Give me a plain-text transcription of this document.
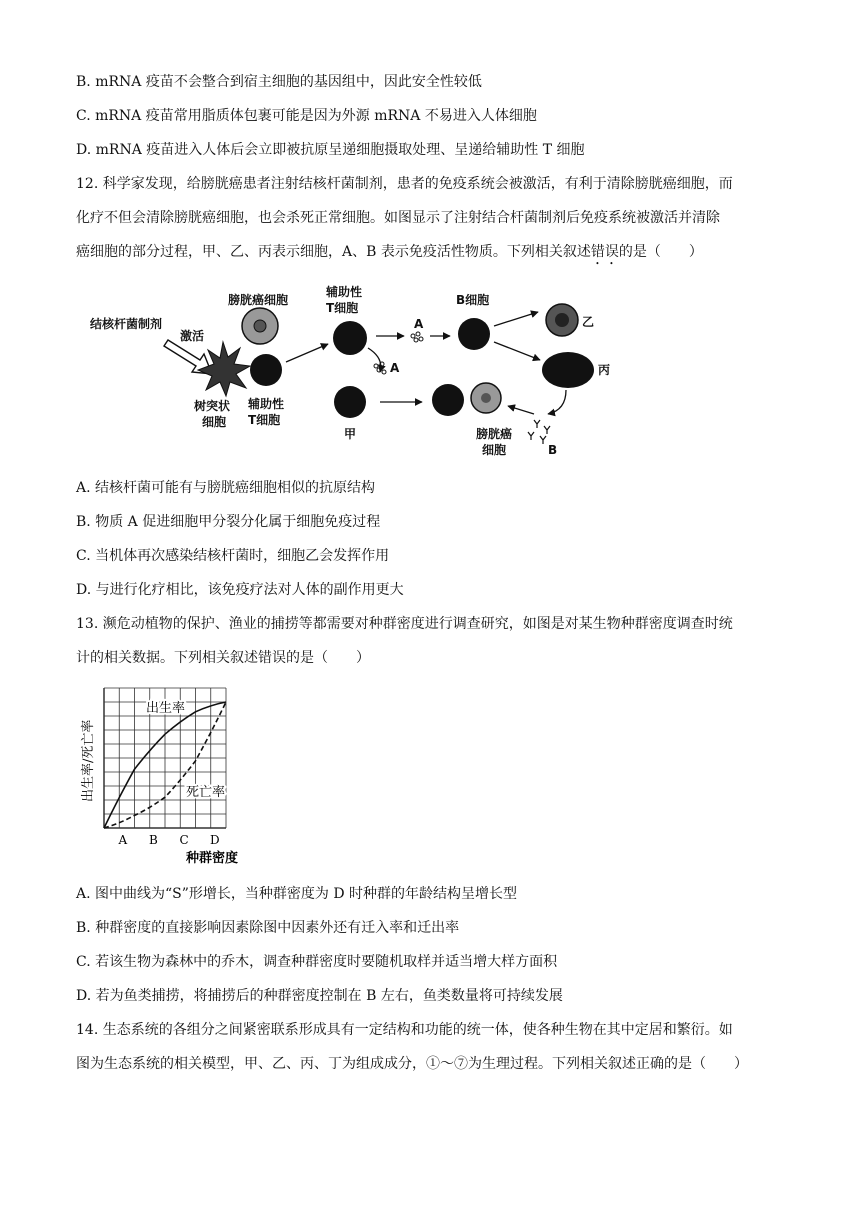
B. mRNA 疫苗不会整合到宿主细胞的基因组中，因此安全性较低
C. mRNA 疫苗常用脂质体包裹可能是因为外源 mRNA 不易进入人体细胞
D. mRNA 疫苗进入人体后会立即被抗原呈递细胞摄取处理、呈递给辅助性 T 细胞
12. 科学家发现，给膀胱癌患者注射结核杆菌制剂，患者的免疫系统会被激活，有利于清除膀胱癌细胞，而
化疗不但会清除膀胱癌细胞，也会杀死正常细胞。如图显示了注射结合杆菌制剂后免疫系统被激活并清除
癌细胞的部分过程，甲、乙、丙表示细胞，A、B 表示免疫活性物质。下列相关叙述错误的是（　　）
结核杆菌制剂
激活
树突状
细胞
膀胱癌细胞
辅助性
T细胞
辅助性
T细胞
A
A
B细胞
乙
丙
B
甲	膀胱癌
细胞
A. 结核杆菌可能有与膀胱癌细胞相似的抗原结构
B. 物质 A 促进细胞甲分裂分化属于细胞免疫过程
C. 当机体再次感染结核杆菌时，细胞乙会发挥作用
D. 与进行化疗相比，该免疫疗法对人体的副作用更大
13. 濒危动植物的保护、渔业的捕捞等都需要对种群密度进行调查研究，如图是对某生物种群密度调查时统
计的相关数据。下列相关叙述错误的是（　　）
出生率/死亡率
出生率
死亡率
A B C D
种群密度
A. 图中曲线为“S”形增长，当种群密度为 D 时种群的年龄结构呈增长型
B. 种群密度的直接影响因素除图中因素外还有迁入率和迁出率
C. 若该生物为森林中的乔木，调查种群密度时要随机取样并适当增大样方面积
D. 若为鱼类捕捞，将捕捞后的种群密度控制在 B 左右，鱼类数量将可持续发展
14. 生态系统的各组分之间紧密联系形成具有一定结构和功能的统一体，使各种生物在其中定居和繁衍。如
图为生态系统的相关模型，甲、乙、丙、丁为组成成分，①～⑦为生理过程。下列相关叙述正确的是（　　）
